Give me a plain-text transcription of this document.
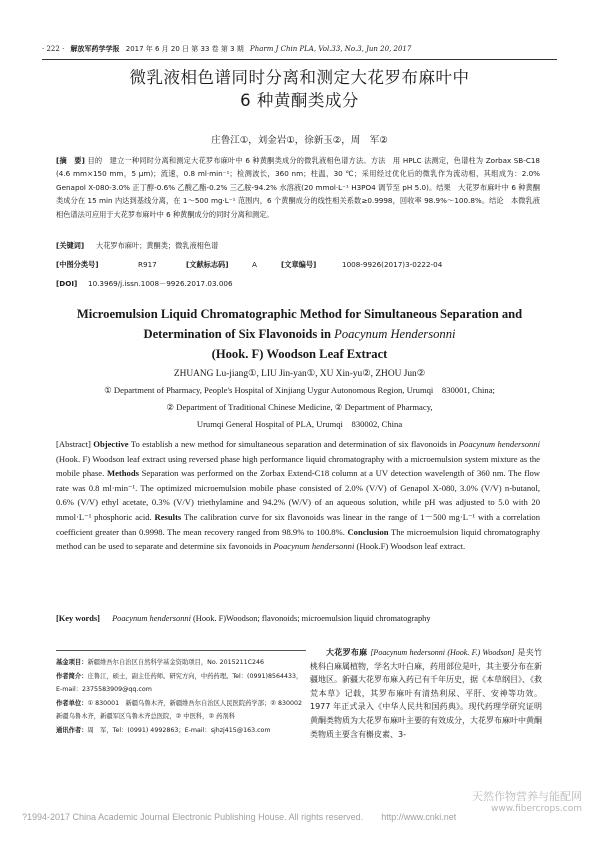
· 222 · 解放军药学学报 2017 年 6 月 20 日 第 33 卷 第 3 期 Pharm J Chin PLA, Vol.33, No.3, Jun 20, 2017
微乳液相色谱同时分离和测定大花罗布麻叶中
6 种黄酮类成分
庄鲁江①，刘金岩①，徐新玉②，周　军②
[摘　要] 目的　建立一种同时分离和测定大花罗布麻叶中 6 种黄酮类成分的微乳液相色谱方法。方法　用 HPLC 法测定，色谱柱为 Zorbax SB-C18 (4.6 mm×150 mm，5 μm)；流速，0.8 ml·min⁻¹；检测波长，360 nm；柱温，30 ℃；采用经过优化后的微乳作为流动相，其组成为：2.0% Genapol X-080-3.0% 正丁醇-0.6% 乙酸乙酯-0.2% 三乙胺-94.2% 水溶液(20 mmol·L⁻¹ H3PO4 调节至 pH 5.0)。结果　大花罗布麻叶中 6 种黄酮类成分在 15 min 内达到基线分离，在 1～500 mg·L⁻¹ 范围内，6 个黄酮成分的线性相关系数≥0.9998，回收率 98.9%～100.8%。结论　本微乳液相色谱法可应用于大花罗布麻叶中 6 种黄酮成分的同时分离和测定。
[关键词] 大花罗布麻叶；黄酮类；微乳液相色谱
[中图分类号]	R917	[文献标志码]	A	[文章编号]	1008-9926(2017)3-0222-04
[DOI] 10.3969/j.issn.1008－9926.2017.03.006
Microemulsion Liquid Chromatographic Method for Simultaneous Separation and
Determination of Six Flavonoids in Poacynum Hendersonni
(Hook. F) Woodson Leaf Extract
ZHUANG Lu-jiang①, LIU Jin-yan①, XU Xin-yu②, ZHOU Jun②
① Department of Pharmacy, People's Hospital of Xinjiang Uygur Autonomous Region, Urumqi　830001, China;
② Department of Traditional Chinese Medicine, ② Department of Pharmacy,
Urumqi General Hospital of PLA, Urumqi　830002, China
[Abstract] Objective To establish a new method for simultaneous separation and determination of six flavonoids in Poacynum hendersonni (Hook. F) Woodson leaf extract using reversed phase high performance liquid chromatography with a microemulsion system mixture as the mobile phase. Methods Separation was performed on the Zorbax Extend-C18 column at a UV detection wavelength of 360 nm. The flow rate was 0.8 ml·min⁻¹. The optimized microemulsion mobile phase consisted of 2.0% (V/V) of Genapol X-080, 3.0% (V/V) n-butanol, 0.6% (V/V) ethyl acetate, 0.3% (V/V) triethylamine and 94.2% (W/V) of an aqueous solution, while pH was adjusted to 5.0 with 20 mmol·L⁻¹ phosphoric acid. Results The calibration curve for six flavonoids was linear in the range of 1－500 mg·L⁻¹ with a correlation coefficient greater than 0.9998. The mean recovery ranged from 98.9% to 100.8%. Conclusion The microemulsion liquid chromatography method can be used to separate and determine six favonoids in Poacynum hendersonni (Hook.F) Woodson leaf extract.
[Key words] Poacynum hendersonni (Hook. F)Woodson; flavonoids; microemulsion liquid chromatography
基金项目：新疆维吾尔自治区自然科学基金资助项目，No. 2015211C246
作者简介：庄鲁江，硕士，副主任药师。研究方向，中药药理。Tel：(0991)8564433，E-mail：2375583909@qq.com
作者单位：① 830001　新疆乌鲁木齐，新疆维吾尔自治区人民医院药学部；② 830002　新疆乌鲁木齐，新疆军区乌鲁木齐总医院，② 中医科，② 药剂科
通讯作者：周　军，Tel：(0991) 4992863；E-mail：sjhzj415@163.com
大花罗布麻 [Poacynum hedersonni (Hook. F.) Woodson] 是夹竹桃科白麻属植物，学名大叶白麻，药用部位是叶，其主要分布在新疆地区。新疆大花罗布麻入药已有千年历史，据《本草纲目》、《救荒本草》记载，其罗布麻叶有清热利尿、平肝、安神等功效。1977 年正式录入《中华人民共和国药典》。现代药理学研究证明黄酮类物质为大花罗布麻叶主要的有效成分，大花罗布麻叶中黄酮类物质主要含有槲皮素、3-
天然作物营养与能配网
www.fibercrops.com
?1994-2017 China Academic Journal Electronic Publishing House. All rights reserved.　　http://www.cnki.net
